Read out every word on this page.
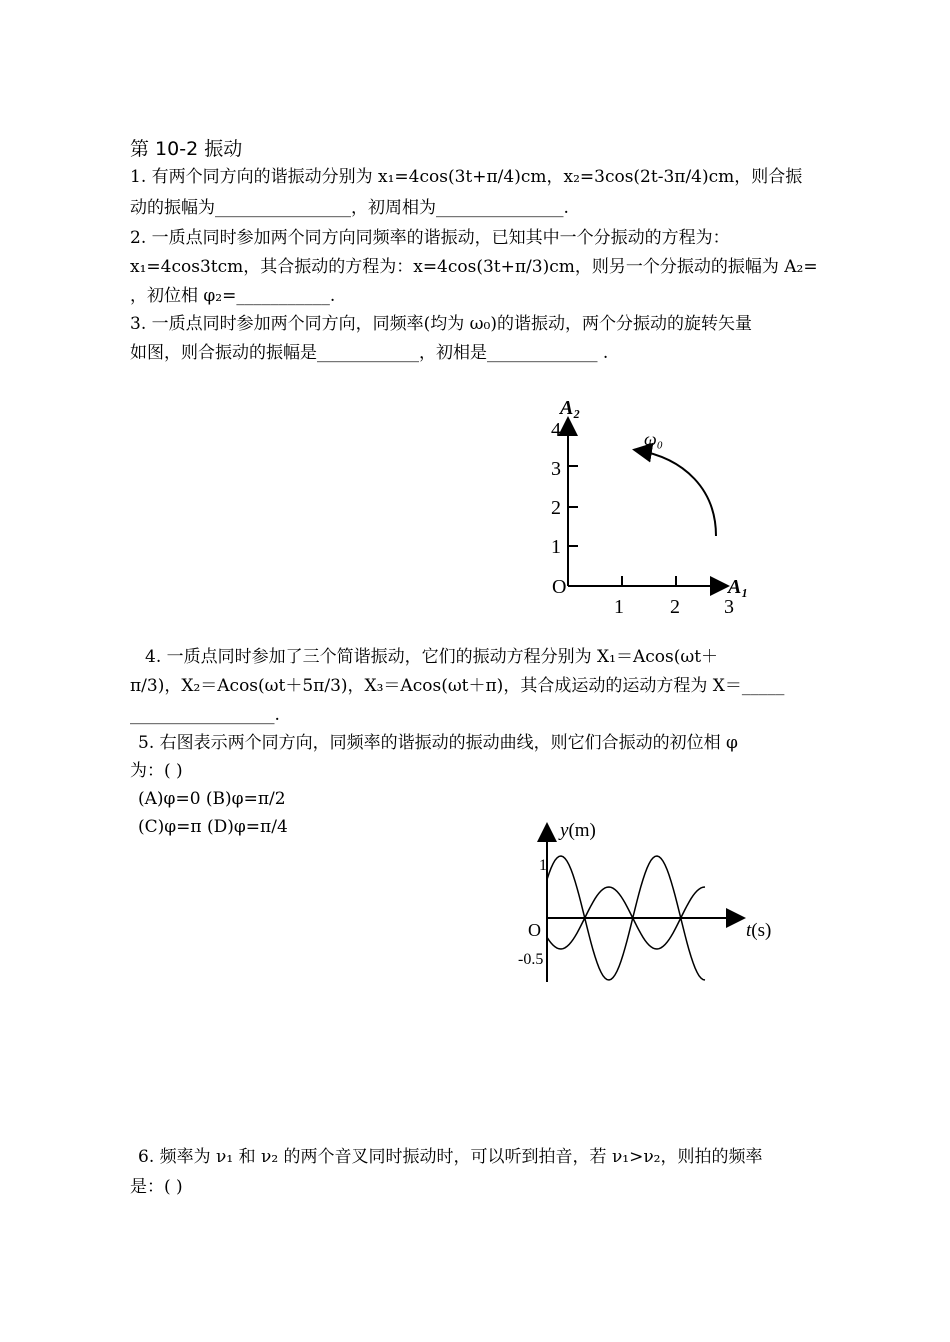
第 10-2 振动
1. 有两个同方向的谐振动分别为 x₁=4cos(3t+π/4)cm，x₂=3cos(2t-3π/4)cm，则合振
动的振幅为________________，初周相为_______________.
2. 一质点同时参加两个同方向同频率的谐振动，已知其中一个分振动的方程为：
x₁=4cos3tcm，其合振动的方程为：x=4cos(3t+π/3)cm，则另一个分振动的振幅为 A₂=
，初位相 φ₂=___________.
3. 一质点同时参加两个同方向，同频率(均为 ω₀)的谐振动，两个分振动的旋转矢量
如图，则合振动的振幅是____________，初相是_____________ .
A₂
A₁
O
ω₀
1
2
3
4
1 2 3
4. 一质点同时参加了三个简谐振动，它们的振动方程分别为 X₁＝Acos(ωt＋
π/3)，X₂＝Acos(ωt＋5π/3)，X₃＝Acos(ωt＋π)，其合成运动的运动方程为 X＝_____
_________________.
5. 右图表示两个同方向，同频率的谐振动的振动曲线，则它们合振动的初位相 φ
为：( )
(A)φ=0 (B)φ=π/2
(C)φ=π (D)φ=π/4	y(m)
t(s)
O
1
-0.5
6. 频率为 ν₁ 和 ν₂ 的两个音叉同时振动时，可以听到拍音，若 ν₁>ν₂，则拍的频率
是：( )
